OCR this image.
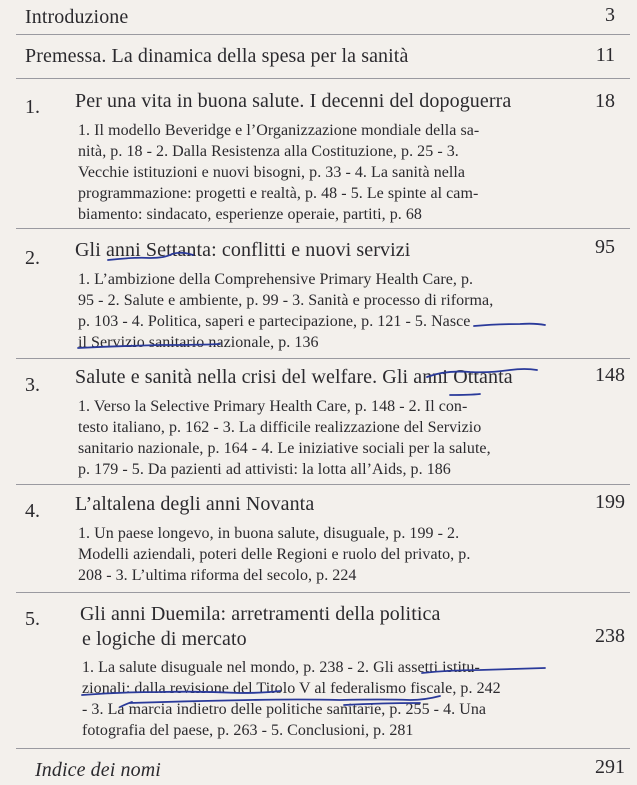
Introduzione	3
Premessa. La dinamica della spesa per la sanità	11
1. Per una vita in buona salute. I decenni del dopoguerra	18
1. Il modello Beveridge e l’Organizzazione mondiale della sa-
nità, p. 18 - 2. Dalla Resistenza alla Costituzione, p. 25 - 3.
Vecchie istituzioni e nuovi bisogni, p. 33 - 4. La sanità nella
programmazione: progetti e realtà, p. 48 - 5. Le spinte al cam-
biamento: sindacato, esperienze operaie, partiti, p. 68
2. Gli anni Settanta: conflitti e nuovi servizi	95
1. L’ambizione della Comprehensive Primary Health Care, p.
95 - 2. Salute e ambiente, p. 99 - 3. Sanità e processo di riforma,
p. 103 - 4. Politica, saperi e partecipazione, p. 121 - 5. Nasce
il Servizio sanitario nazionale, p. 136
3. Salute e sanità nella crisi del welfare. Gli anni Ottanta	148
1. Verso la Selective Primary Health Care, p. 148 - 2. Il con-
testo italiano, p. 162 - 3. La difficile realizzazione del Servizio
sanitario nazionale, p. 164 - 4. Le iniziative sociali per la salute,
p. 179 - 5. Da pazienti ad attivisti: la lotta all’Aids, p. 186
4. L’altalena degli anni Novanta	199
1. Un paese longevo, in buona salute, disuguale, p. 199 - 2.
Modelli aziendali, poteri delle Regioni e ruolo del privato, p.
208 - 3. L’ultima riforma del secolo, p. 224
5. Gli anni Duemila: arretramenti della politica
e logiche di mercato	238
1. La salute disuguale nel mondo, p. 238 - 2. Gli assetti istitu-
zionali: dalla revisione del Titolo V al federalismo fiscale, p. 242
- 3. La marcia indietro delle politiche sanitarie, p. 255 - 4. Una
fotografia del paese, p. 263 - 5. Conclusioni, p. 281
Indice dei nomi	291
